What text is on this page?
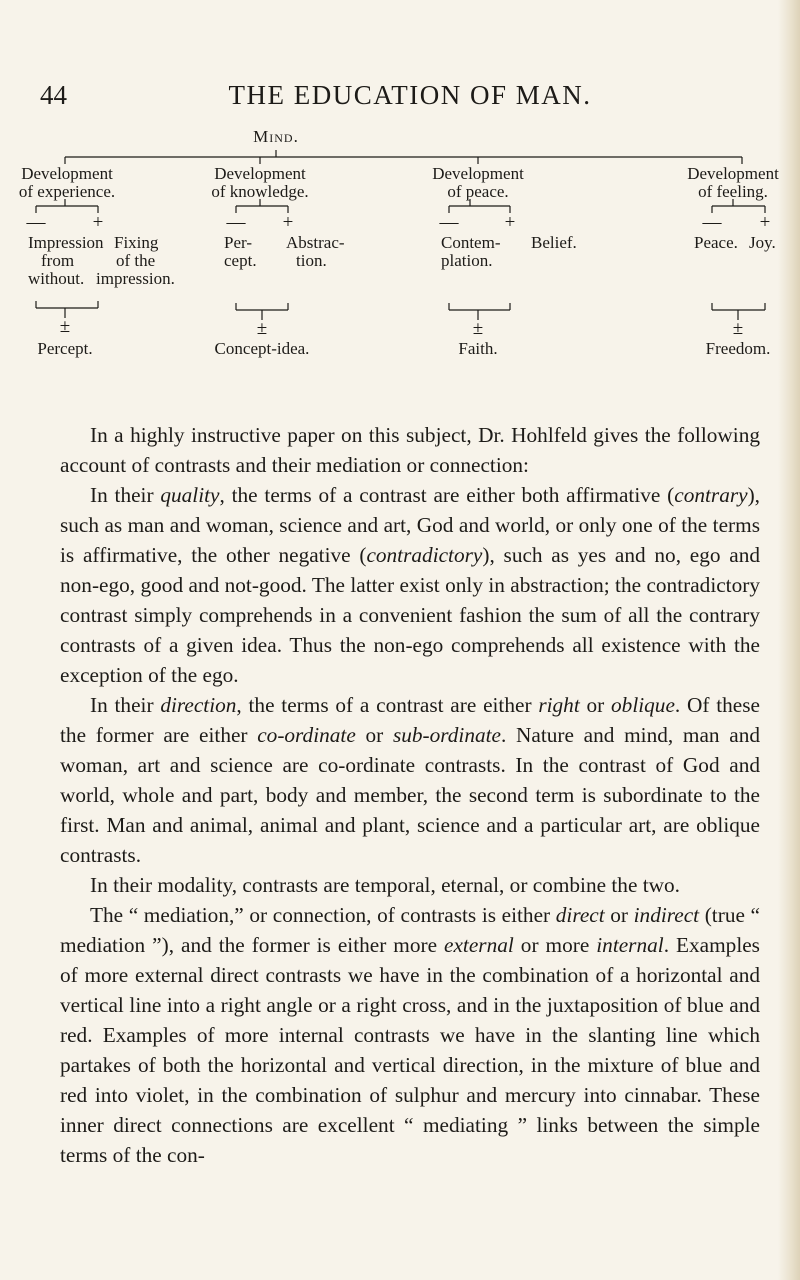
44	THE EDUCATION OF MAN.
Mind.
Development
of experience.
— +
Impression
from
without.
Fixing
of the
impression.
±
Percept.
Development
of knowledge.
— +
Per-
cept.
Abstrac-
tion.
±
Concept-idea.
Development
of peace.
— +
Contem-
plation.
Belief.
±
Faith.
Development
of feeling.
— +
Peace. Joy.
±
Freedom.

In a highly instructive paper on this subject, Dr. Hohlfeld gives the following account of contrasts and their mediation or connection:

In their quality, the terms of a contrast are either both affirmative (contrary), such as man and woman, science and art, God and world, or only one of the terms is affirmative, the other negative (contradictory), such as yes and no, ego and non-ego, good and not-good. The latter exist only in abstraction; the contradictory contrast simply comprehends in a convenient fashion the sum of all the contrary contrasts of a given idea. Thus the non-ego comprehends all existence with the exception of the ego.

In their direction, the terms of a contrast are either right or oblique. Of these the former are either co-ordinate or sub-ordinate. Nature and mind, man and woman, art and science are co-ordinate contrasts. In the contrast of God and world, whole and part, body and member, the second term is subordinate to the first. Man and animal, animal and plant, science and a particular art, are oblique contrasts.

In their modality, contrasts are temporal, eternal, or combine the two.

The “ mediation,” or connection, of contrasts is either direct or indirect (true “ mediation ”), and the former is either more external or more internal. Examples of more external direct contrasts we have in the combination of a horizontal and vertical line into a right angle or a right cross, and in the juxtaposition of blue and red. Examples of more internal contrasts we have in the slanting line which partakes of both the horizontal and vertical direction, in the mixture of blue and red into violet, in the combination of sulphur and mercury into cinnabar. These inner direct connections are excellent “ mediating ” links between the simple terms of the con-
